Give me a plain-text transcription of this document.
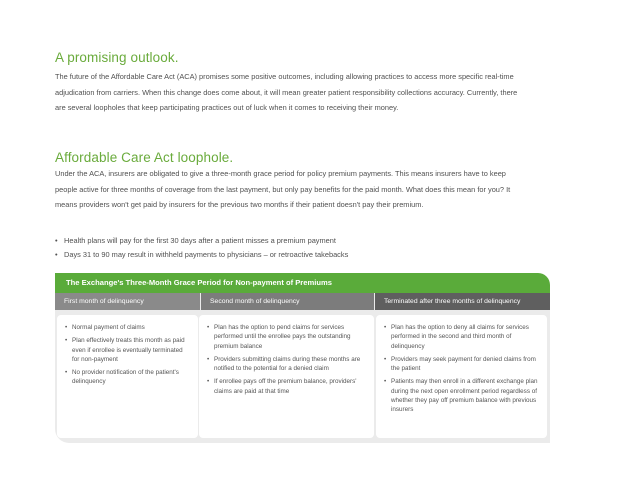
A promising outlook.

The future of the Affordable Care Act (ACA) promises some positive outcomes, including allowing practices to access more specific real-time adjudication from carriers. When this change does come about, it will mean greater patient responsibility collections accuracy. Currently, there are several loopholes that keep participating practices out of luck when it comes to receiving their money.

Affordable Care Act loophole.

Under the ACA, insurers are obligated to give a three-month grace period for policy premium payments. This means insurers have to keep people active for three months of coverage from the last payment, but only pay benefits for the paid month. What does this mean for you? It means providers won't get paid by insurers for the previous two months if their patient doesn't pay their premium.

• Health plans will pay for the first 30 days after a patient misses a premium payment
• Days 31 to 90 may result in withheld payments to physicians – or retroactive takebacks
The Exchange's Three-Month Grace Period for Non-payment of Premiums
First month of delinquency	Second month of delinquency	Terminated after three months of delinquency
• Normal payment of claims
• Plan effectively treats this month as paid even if enrollee is eventually terminated for non-payment
• No provider notification of the patient's delinquency
• Plan has the option to pend claims for services performed until the enrollee pays the outstanding premium balance
• Providers submitting claims during these months are notified to the potential for a denied claim
• If enrollee pays off the premium balance, providers' claims are paid at that time
• Plan has the option to deny all claims for services performed in the second and third month of delinquency
• Providers may seek payment for denied claims from the patient
• Patients may then enroll in a different exchange plan during the next open enrollment period regardless of whether they pay off premium balance with previous insurers
